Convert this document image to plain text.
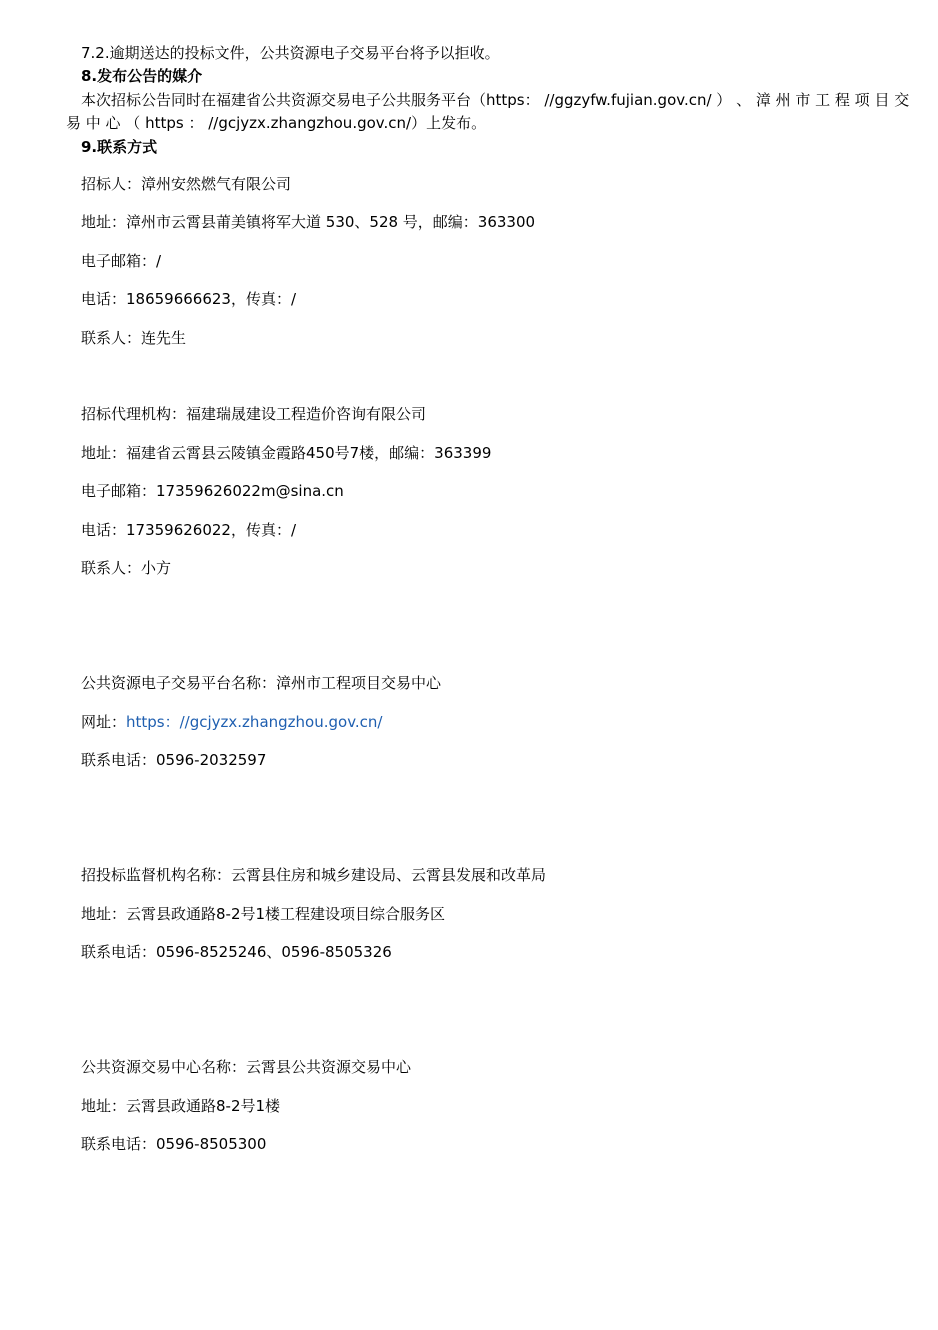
7.2.逾期送达的投标文件，公共资源电子交易平台将予以拒收。
8.发布公告的媒介
本次招标公告同时在福建省公共资源交易电子公共服务平台（https： //ggzyfw.fujian.gov.cn/ ） 、 漳 州 市 工 程 项 目 交
易 中 心 （ https ： //gcjyzx.zhangzhou.gov.cn/）上发布。
9.联系方式
招标人：漳州安然燃气有限公司
地址：漳州市云霄县莆美镇将军大道 530、528 号，邮编：363300
电子邮箱：/
电话：18659666623，传真：/
联系人：连先生
招标代理机构：福建瑞晟建设工程造价咨询有限公司
地址：福建省云霄县云陵镇金霞路450号7楼，邮编：363399
电子邮箱：17359626022m@sina.cn
电话：17359626022，传真：/
联系人：小方
公共资源电子交易平台名称：漳州市工程项目交易中心
网址：https：//gcjyzx.zhangzhou.gov.cn/
联系电话：0596-2032597
招投标监督机构名称：云霄县住房和城乡建设局、云霄县发展和改革局
地址：云霄县政通路8-2号1楼工程建设项目综合服务区
联系电话：0596-8525246、0596-8505326
公共资源交易中心名称：云霄县公共资源交易中心
地址：云霄县政通路8-2号1楼
联系电话：0596-8505300
